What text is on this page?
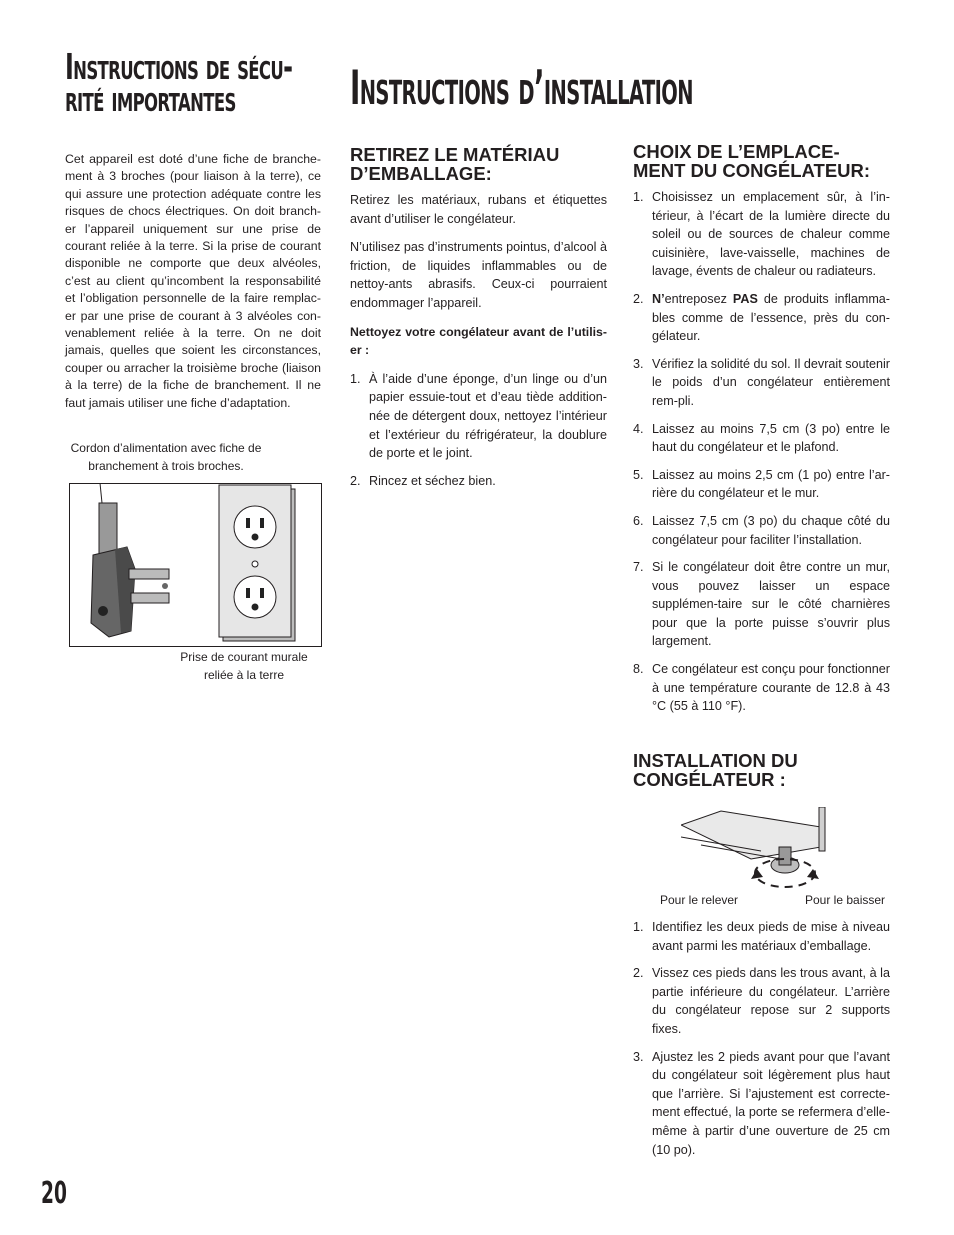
Instructions de sécu-
rité importantes

Cet appareil est doté d’une fiche de branche-ment à 3 broches (pour liaison à la terre), ce qui assure une protection adéquate contre les risques de chocs électriques. On doit branch-er l’appareil uniquement sur une prise de courant reliée à la terre. Si la prise de courant disponible ne comporte que deux alvéoles, c’est au client qu’incombent la responsabilité et l’obligation personnelle de la faire remplac-er par une prise de courant à 3 alvéoles con-venablement reliée à la terre. On ne doit jamais, quelles que soient les circonstances, couper ou arracher la troisième broche (liaison à la terre) de la fiche de branchement. Il ne faut jamais utiliser une fiche d’adaptation.

Cordon d’alimentation avec fiche de branchement à trois broches.
Prise de courant murale reliée à la terre
Instructions d’installation
RETIREZ LE MATÉRIAU
D’EMBALLAGE:

Retirez les matériaux, rubans et étiquettes avant d’utiliser le congélateur.

N’utilisez pas d’instruments pointus, d’alcool à friction, de liquides inflammables ou de nettoy-ants abrasifs. Ceux-ci pourraient endommager l’appareil.

Nettoyez votre congélateur avant de l’utilis-er :

1. À l’aide d’une éponge, d’un linge ou d’un papier essuie-tout et d’eau tiède addition-née de détergent doux, nettoyez l’intérieur et l’extérieur du réfrigérateur, la doublure de porte et le joint.
2. Rincez et séchez bien.
CHOIX DE L’EMPLACE-
MENT DU CONGÉLATEUR:
1. Choisissez un emplacement sûr, à l’in-térieur, à l’écart de la lumière directe du soleil ou de sources de chaleur comme cuisinière, lave-vaisselle, machines de lavage, évents de chaleur ou radiateurs.
2. N’entreposez PAS de produits inflamma-bles comme de l’essence, près du con-gélateur.
3. Vérifiez la solidité du sol. Il devrait soutenir le poids d’un congélateur entièrement rem-pli.
4. Laissez au moins 7,5 cm (3 po) entre le haut du congélateur et le plafond.
5. Laissez au moins 2,5 cm (1 po) entre l’ar-rière du congélateur et le mur.
6. Laissez 7,5 cm (3 po) du chaque côté du congélateur pour faciliter l’installation.
7. Si le congélateur doit être contre un mur, vous pouvez laisser un espace supplémen-taire sur le côté charnières pour que la porte puisse s’ouvrir plus largement.
8. Ce congélateur est conçu pour fonctionner à une température courante de 12.8 à 43 °C (55 à 110 °F).
INSTALLATION DU
CONGÉLATEUR :
Pour le relever	Pour le baisser
1. Identifiez les deux pieds de mise à niveau avant parmi les matériaux d’emballage.
2. Vissez ces pieds dans les trous avant, à la partie inférieure du congélateur. L’arrière du congélateur repose sur 2 supports fixes.
3. Ajustez les 2 pieds avant pour que l’avant du congélateur soit légèrement plus haut que l’arrière. Si l’ajustement est correcte-ment effectué, la porte se refermera d’elle-même à partir d’une ouverture de 25 cm (10 po).
20
